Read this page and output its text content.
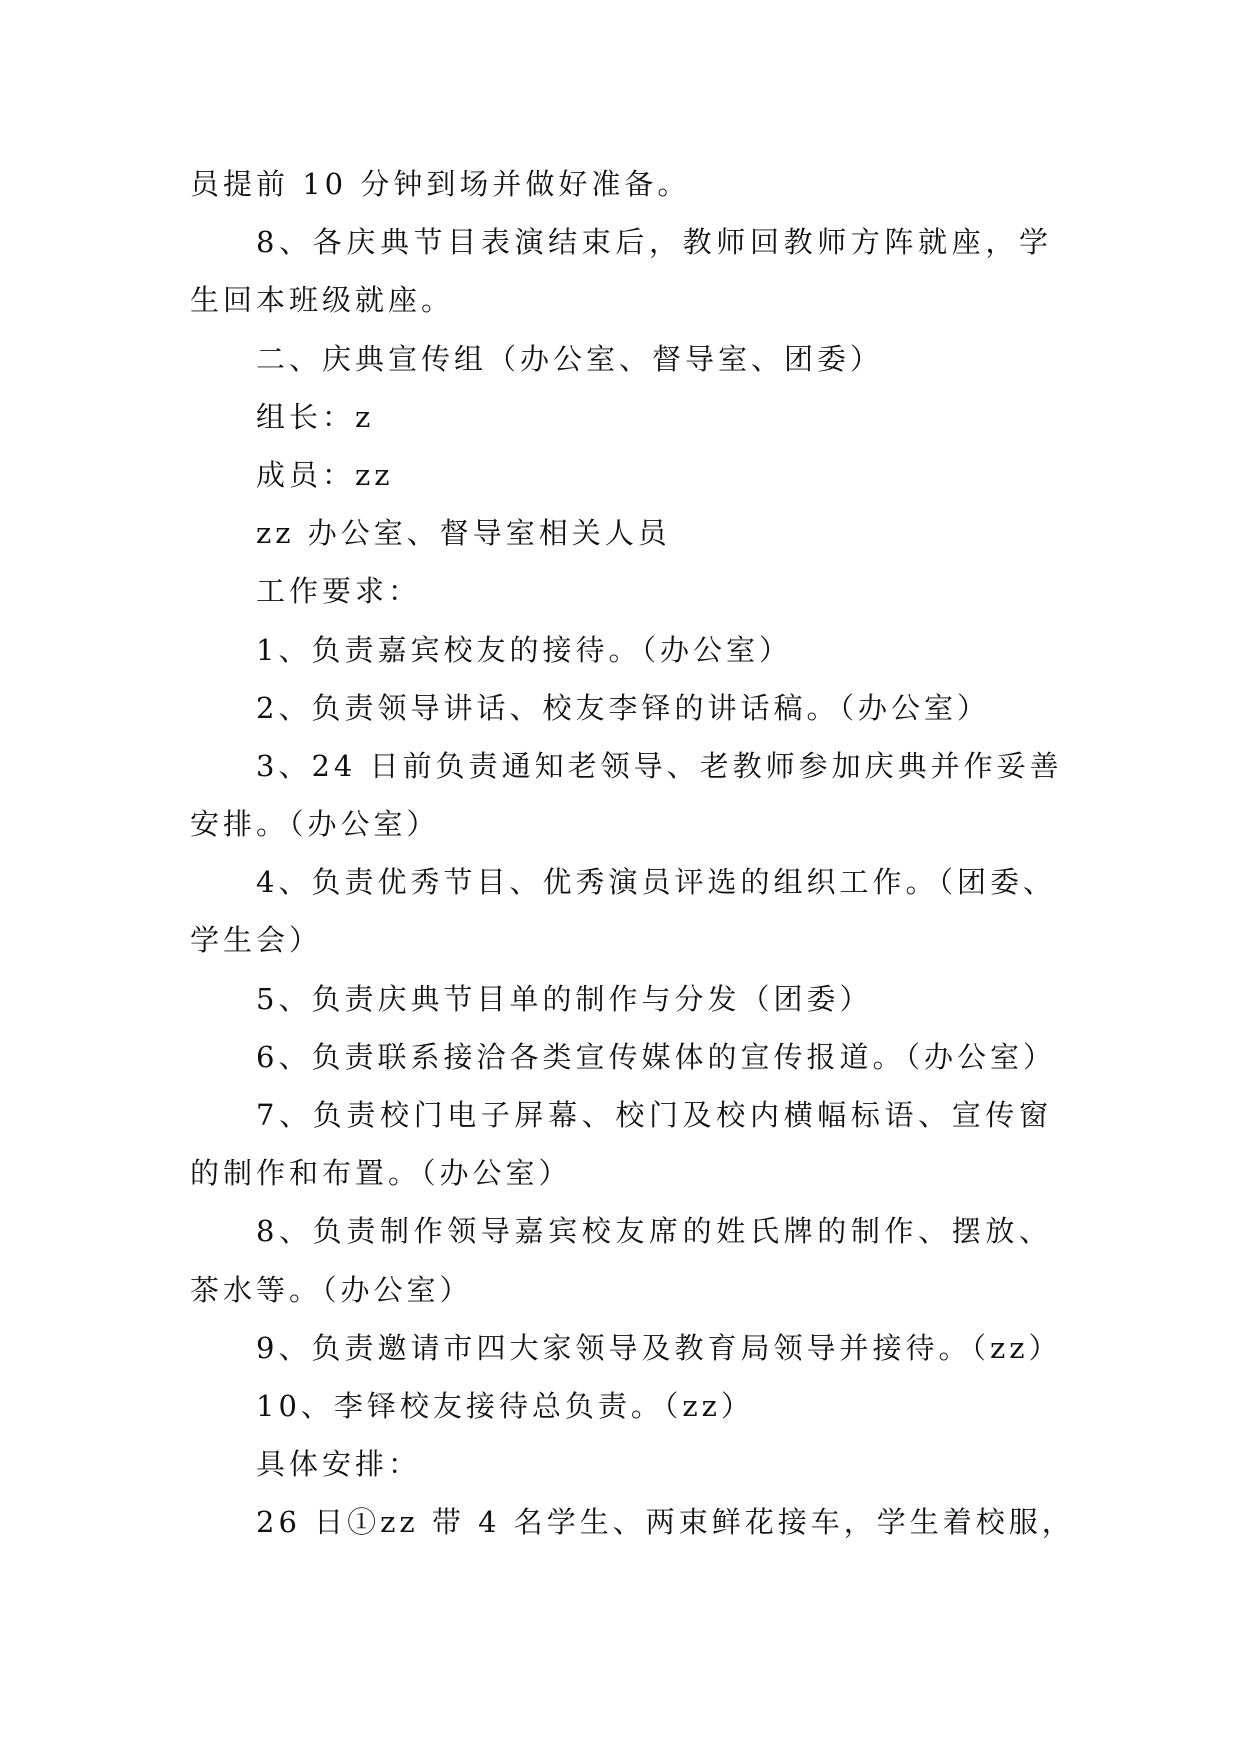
员提前 10 分钟到场并做好准备。
8、各庆典节目表演结束后，教师回教师方阵就座，学
生回本班级就座。
二、庆典宣传组（办公室、督导室、团委）
组长：z
成员：zz
zz 办公室、督导室相关人员
工作要求：
1、负责嘉宾校友的接待。（办公室）
2、负责领导讲话、校友李铎的讲话稿。（办公室）
3、24 日前负责通知老领导、老教师参加庆典并作妥善
安排。（办公室）
4、负责优秀节目、优秀演员评选的组织工作。（团委、
学生会）
5、负责庆典节目单的制作与分发（团委）
6、负责联系接洽各类宣传媒体的宣传报道。（办公室）
7、负责校门电子屏幕、校门及校内横幅标语、宣传窗
的制作和布置。（办公室）
8、负责制作领导嘉宾校友席的姓氏牌的制作、摆放、
茶水等。（办公室）
9、负责邀请市四大家领导及教育局领导并接待。（zz）
10、李铎校友接待总负责。（zz）
具体安排：
26 日①zz 带 4 名学生、两束鲜花接车，学生着校服，
